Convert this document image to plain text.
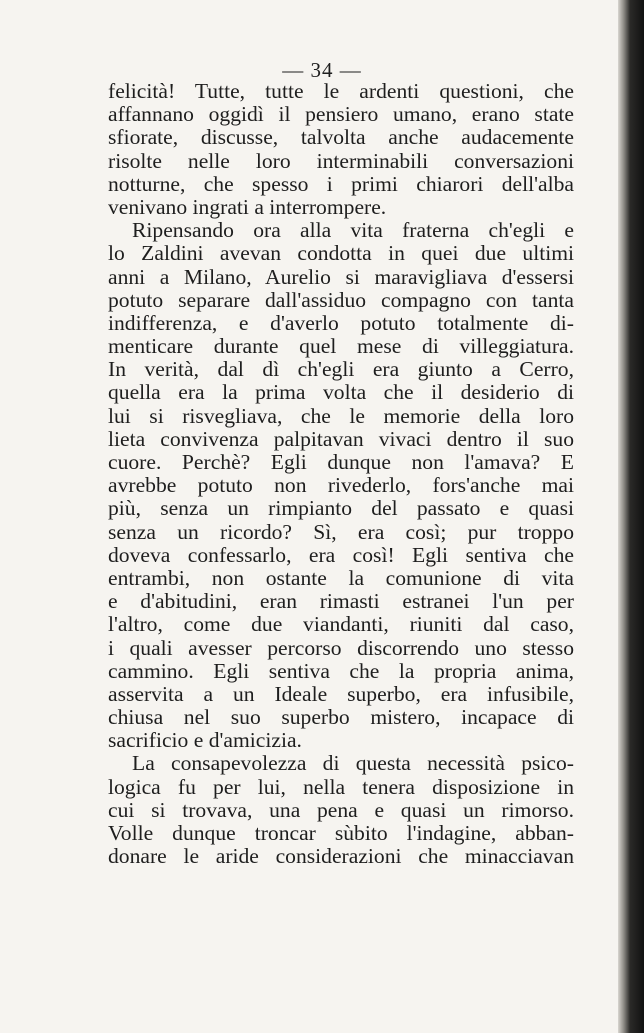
— 34 —
felicità! Tutte, tutte le ardenti questioni, che
affannano oggidì il pensiero umano, erano state
sfiorate, discusse, talvolta anche audacemente
risolte nelle loro interminabili conversazioni
notturne, che spesso i primi chiarori dell'alba
venivano ingrati a interrompere.
Ripensando ora alla vita fraterna ch'egli e
lo Zaldini avevan condotta in quei due ultimi
anni a Milano, Aurelio si maravigliava d'essersi
potuto separare dall'assiduo compagno con tanta
indifferenza, e d'averlo potuto totalmente di-
menticare durante quel mese di villeggiatura.
In verità, dal dì ch'egli era giunto a Cerro,
quella era la prima volta che il desiderio di
lui si risvegliava, che le memorie della loro
lieta convivenza palpitavan vivaci dentro il suo
cuore. Perchè? Egli dunque non l'amava? E
avrebbe potuto non rivederlo, fors'anche mai
più, senza un rimpianto del passato e quasi
senza un ricordo? Sì, era così; pur troppo
doveva confessarlo, era così! Egli sentiva che
entrambi, non ostante la comunione di vita
e d'abitudini, eran rimasti estranei l'un per
l'altro, come due viandanti, riuniti dal caso,
i quali avesser percorso discorrendo uno stesso
cammino. Egli sentiva che la propria anima,
asservita a un Ideale superbo, era infusibile,
chiusa nel suo superbo mistero, incapace di
sacrificio e d'amicizia.
La consapevolezza di questa necessità psico-
logica fu per lui, nella tenera disposizione in
cui si trovava, una pena e quasi un rimorso.
Volle dunque troncar sùbito l'indagine, abban-
donare le aride considerazioni che minacciavan
